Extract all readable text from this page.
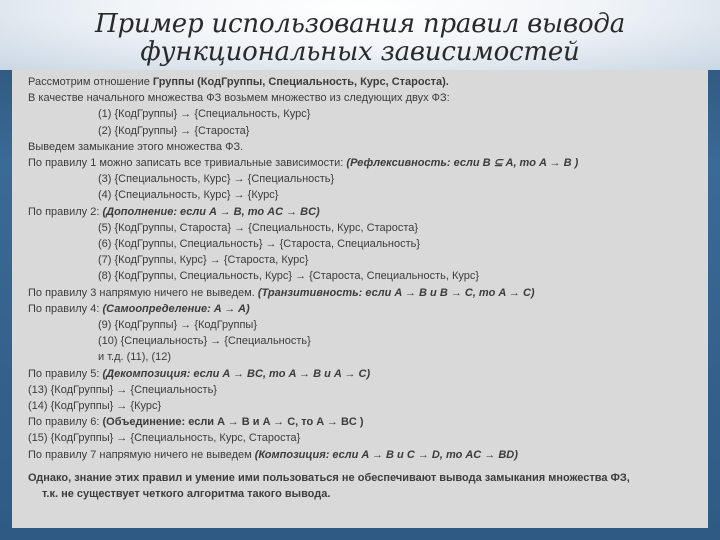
Пример использования правил вывода функциональных зависимостей

Рассмотрим отношение Группы (КодГруппы, Специальность, Курс, Староста).

В качестве начального множества ФЗ возьмем множество из следующих двух ФЗ:

(1) {КодГруппы} → {Специальность, Курс}

(2) {КодГруппы} → {Староста}

Выведем замыкание этого множества ФЗ.

По правилу 1 можно записать все тривиальные зависимости: (Рефлексивность: если B ⊆ A, то A → B )

(3) {Специальность, Курс} → {Специальность}

(4) {Специальность, Курс} → {Курс}

По правилу 2: (Дополнение: если A → B, то AC → BC)

(5) {КодГруппы, Староста} → {Специальность, Курс, Староста}

(6) {КодГруппы, Специальность} → {Староста, Специальность}

(7) {КодГруппы, Курс} → {Староста, Курс}

(8) {КодГруппы, Специальность, Курс} → {Староста, Специальность, Курс}

По правилу 3 напрямую ничего не выведем. (Транзитивность: если A → B и B → C, то A → C)

По правилу 4: (Самоопределение: A → A)

(9) {КодГруппы} → {КодГруппы}

(10) {Специальность} → {Специальность}

и т.д. (11), (12)

По правилу 5: (Декомпозиция: если A → BC, то A → B и A → C)

(13) {КодГруппы} → {Специальность}

(14) {КодГруппы} → {Курс}

По правилу 6: (Объединение: если A → B и A → C, то A → BC )

(15) {КодГруппы} → {Специальность, Курс, Староста}

По правилу 7 напрямую ничего не выведем (Композиция: если A → B и C → D, то AC → BD)

Однако, знание этих правил и умение ими пользоваться не обеспечивают вывода замыкания множества ФЗ,

т.к. не существует четкого алгоритма такого вывода.
